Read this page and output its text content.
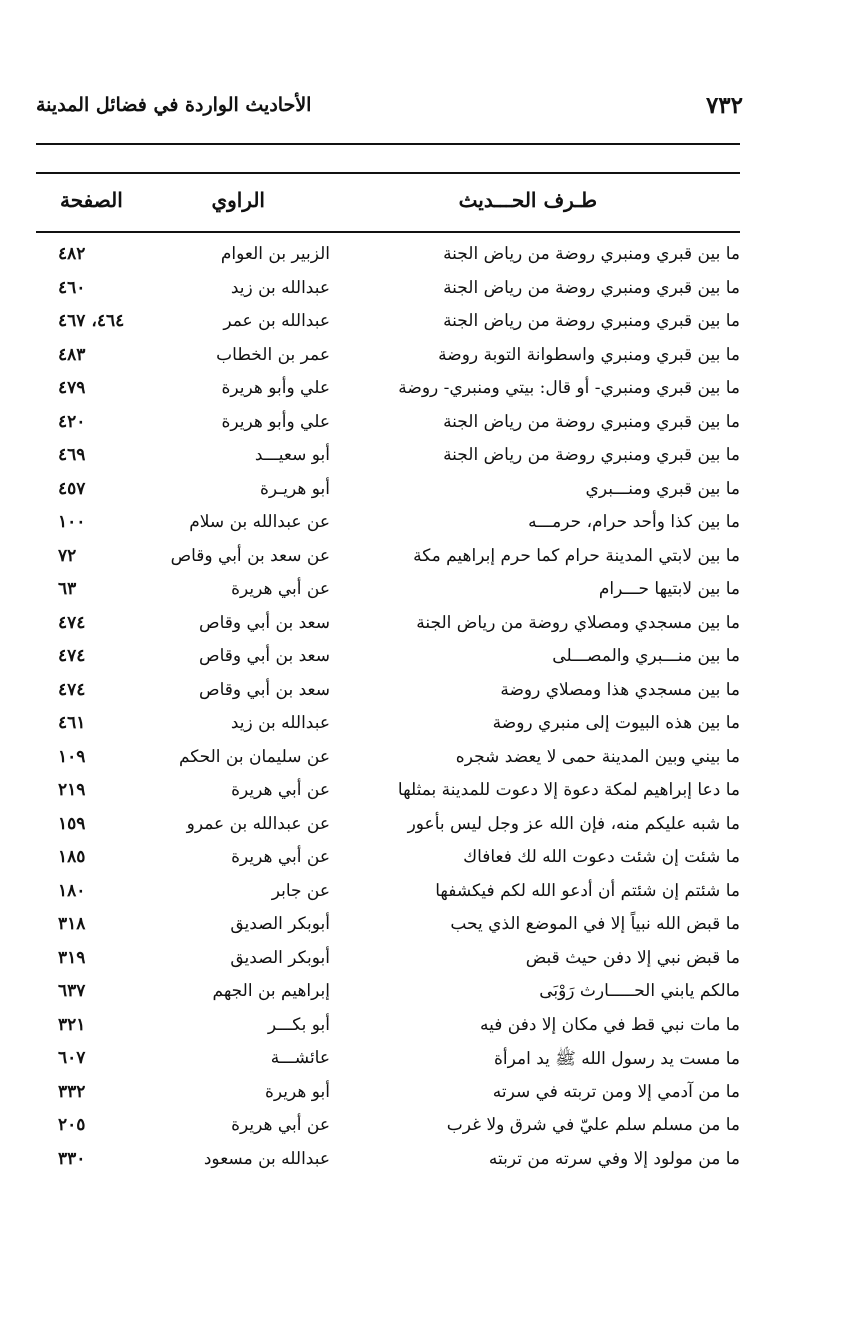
٧٣٢
الأحاديث الواردة في فضائل المدينة
طـرف الحـــديث
الراوي
الصفحة
ما بين قبري ومنبري روضة من رياض الجنة
الزبير بن العوام
٤٨٢
ما بين قبري ومنبري روضة من رياض الجنة
عبدالله بن زيد
٤٦٠
ما بين قبري ومنبري روضة من رياض الجنة
عبدالله بن عمر
٤٦٤، ٤٦٧
ما بين قبري ومنبري واسطوانة التوبة روضة
عمر بن الخطاب
٤٨٣
ما بين قبري ومنبري- أو قال: بيتي ومنبري- روضة
علي وأبو هريرة
٤٧٩
ما بين قبري ومنبري روضة من رياض الجنة
علي وأبو هريرة
٤٢٠
ما بين قبري ومنبري روضة من رياض الجنة
أبو سعيـــد
٤٦٩
ما بين قبري ومنـــبري
أبو هريـرة
٤٥٧
ما بين كذا وأحد حرام، حرمـــه
عن عبدالله بن سلام
١٠٠
ما بين لابتي المدينة حرام كما حرم إبراهيم مكة
عن سعد بن أبي وقاص
٧٢
ما بين لابتيها حـــرام
عن أبي هريرة
٦٣
ما بين مسجدي ومصلاي روضة من رياض الجنة
سعد بن أبي وقاص
٤٧٤
ما بين منـــبري والمصـــلى
سعد بن أبي وقاص
٤٧٤
ما بين مسجدي هذا ومصلاي روضة
سعد بن أبي وقاص
٤٧٤
ما بين هذه البيوت إلى منبري روضة
عبدالله بن زيد
٤٦١
ما بيني وبين المدينة حمى لا يعضد شجره
عن سليمان بن الحكم
١٠٩
ما دعا إبراهيم لمكة دعوة إلا دعوت للمدينة بمثلها
عن أبي هريرة
٢١٩
ما شبه عليكم منه، فإن الله عز وجل ليس بأعور
عن عبدالله بن عمرو
١٥٩
ما شئت إن شئت دعوت الله لك فعافاك
عن أبي هريرة
١٨٥
ما شئتم إن شئتم أن أدعو الله لكم فيكشفها
عن جابر
١٨٠
ما قبض الله نبياً إلا في الموضع الذي يحب
أبوبكر الصديق
٣١٨
ما قبض نبي إلا دفن حيث قبض
أبوبكر الصديق
٣١٩
مالكم يابني الحـــــارث رَوْبَى
إبراهيم بن الجهم
٦٣٧
ما مات نبي قط في مكان إلا دفن فيه
أبو بكـــر
٣٢١
ما مست يد رسول الله ﷺ يد امرأة
عائشـــة
٦٠٧
ما من آدمي إلا ومن تربته في سرته
أبو هريرة
٣٣٢
ما من مسلم سلم عليّ في شرق ولا غرب
عن أبي هريرة
٢٠٥
ما من مولود إلا وفي سرته من تربته
عبدالله بن مسعود
٣٣٠
